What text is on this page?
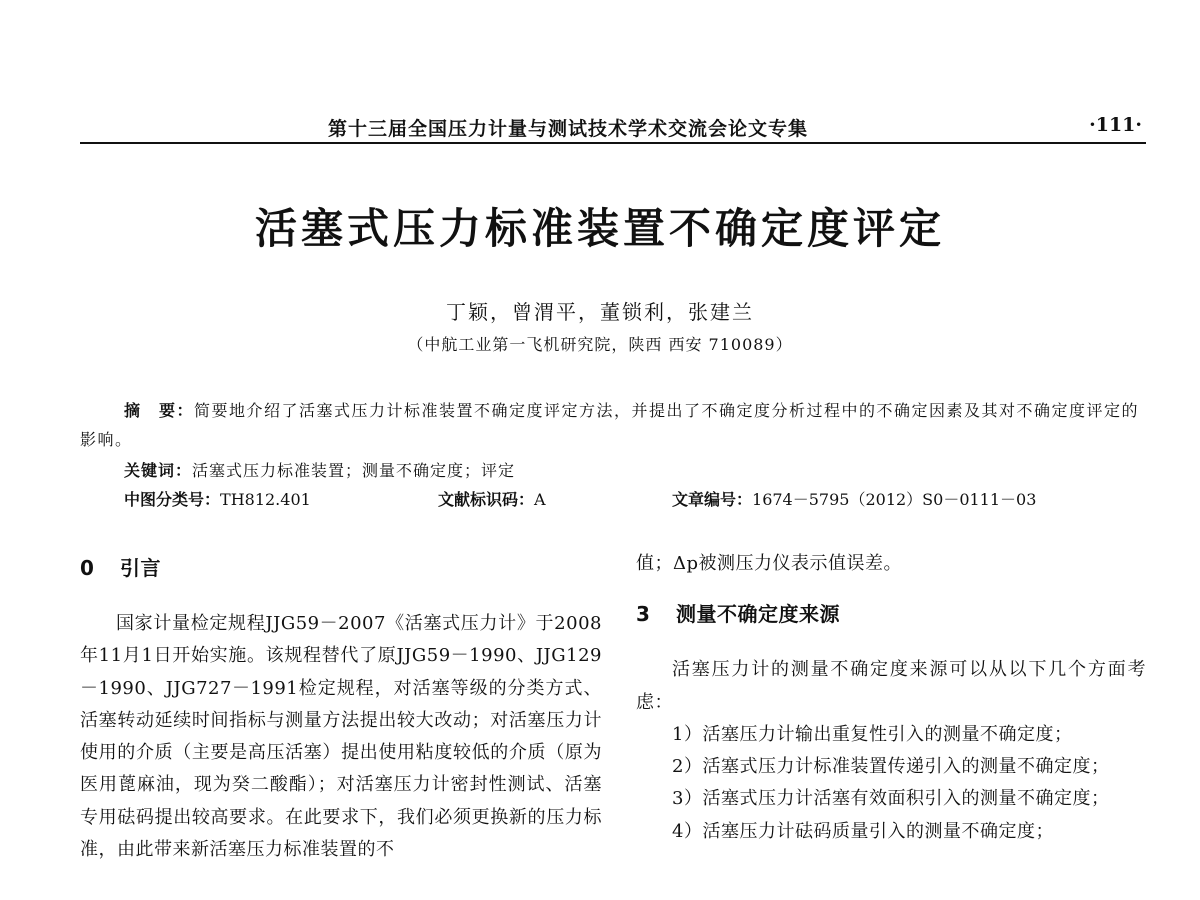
第十三届全国压力计量与测试技术学术交流会论文专集	·111·
活塞式压力标准装置不确定度评定
丁颖，曾渭平，董锁利，张建兰
（中航工业第一飞机研究院，陕西 西安 710089）
摘　要：简要地介绍了活塞式压力计标准装置不确定度评定方法，并提出了不确定度分析过程中的不确定因素及其对不确定度评定的影响。
关键词：活塞式压力标准装置；测量不确定度；评定
中图分类号：TH812.401	文献标识码：A	文章编号：1674－5795（2012）S0－0111－03
0 引言
国家计量检定规程JJG59－2007《活塞式压力计》于2008年11月1日开始实施。该规程替代了原JJG59－1990、JJG129－1990、JJG727－1991检定规程，对活塞等级的分类方式、活塞转动延续时间指标与测量方法提出较大改动；对活塞压力计使用的介质（主要是高压活塞）提出使用粘度较低的介质（原为医用蓖麻油，现为癸二酸酯）；对活塞压力计密封性测试、活塞专用砝码提出较高要求。在此要求下，我们必须更换新的压力标准，由此带来新活塞压力标准装置的不
值；Δp被测压力仪表示值误差。
3 测量不确定度来源
活塞压力计的测量不确定度来源可以从以下几个方面考虑：
1）活塞压力计输出重复性引入的测量不确定度；
2）活塞式压力计标准装置传递引入的测量不确定度；
3）活塞式压力计活塞有效面积引入的测量不确定度；
4）活塞压力计砝码质量引入的测量不确定度；
